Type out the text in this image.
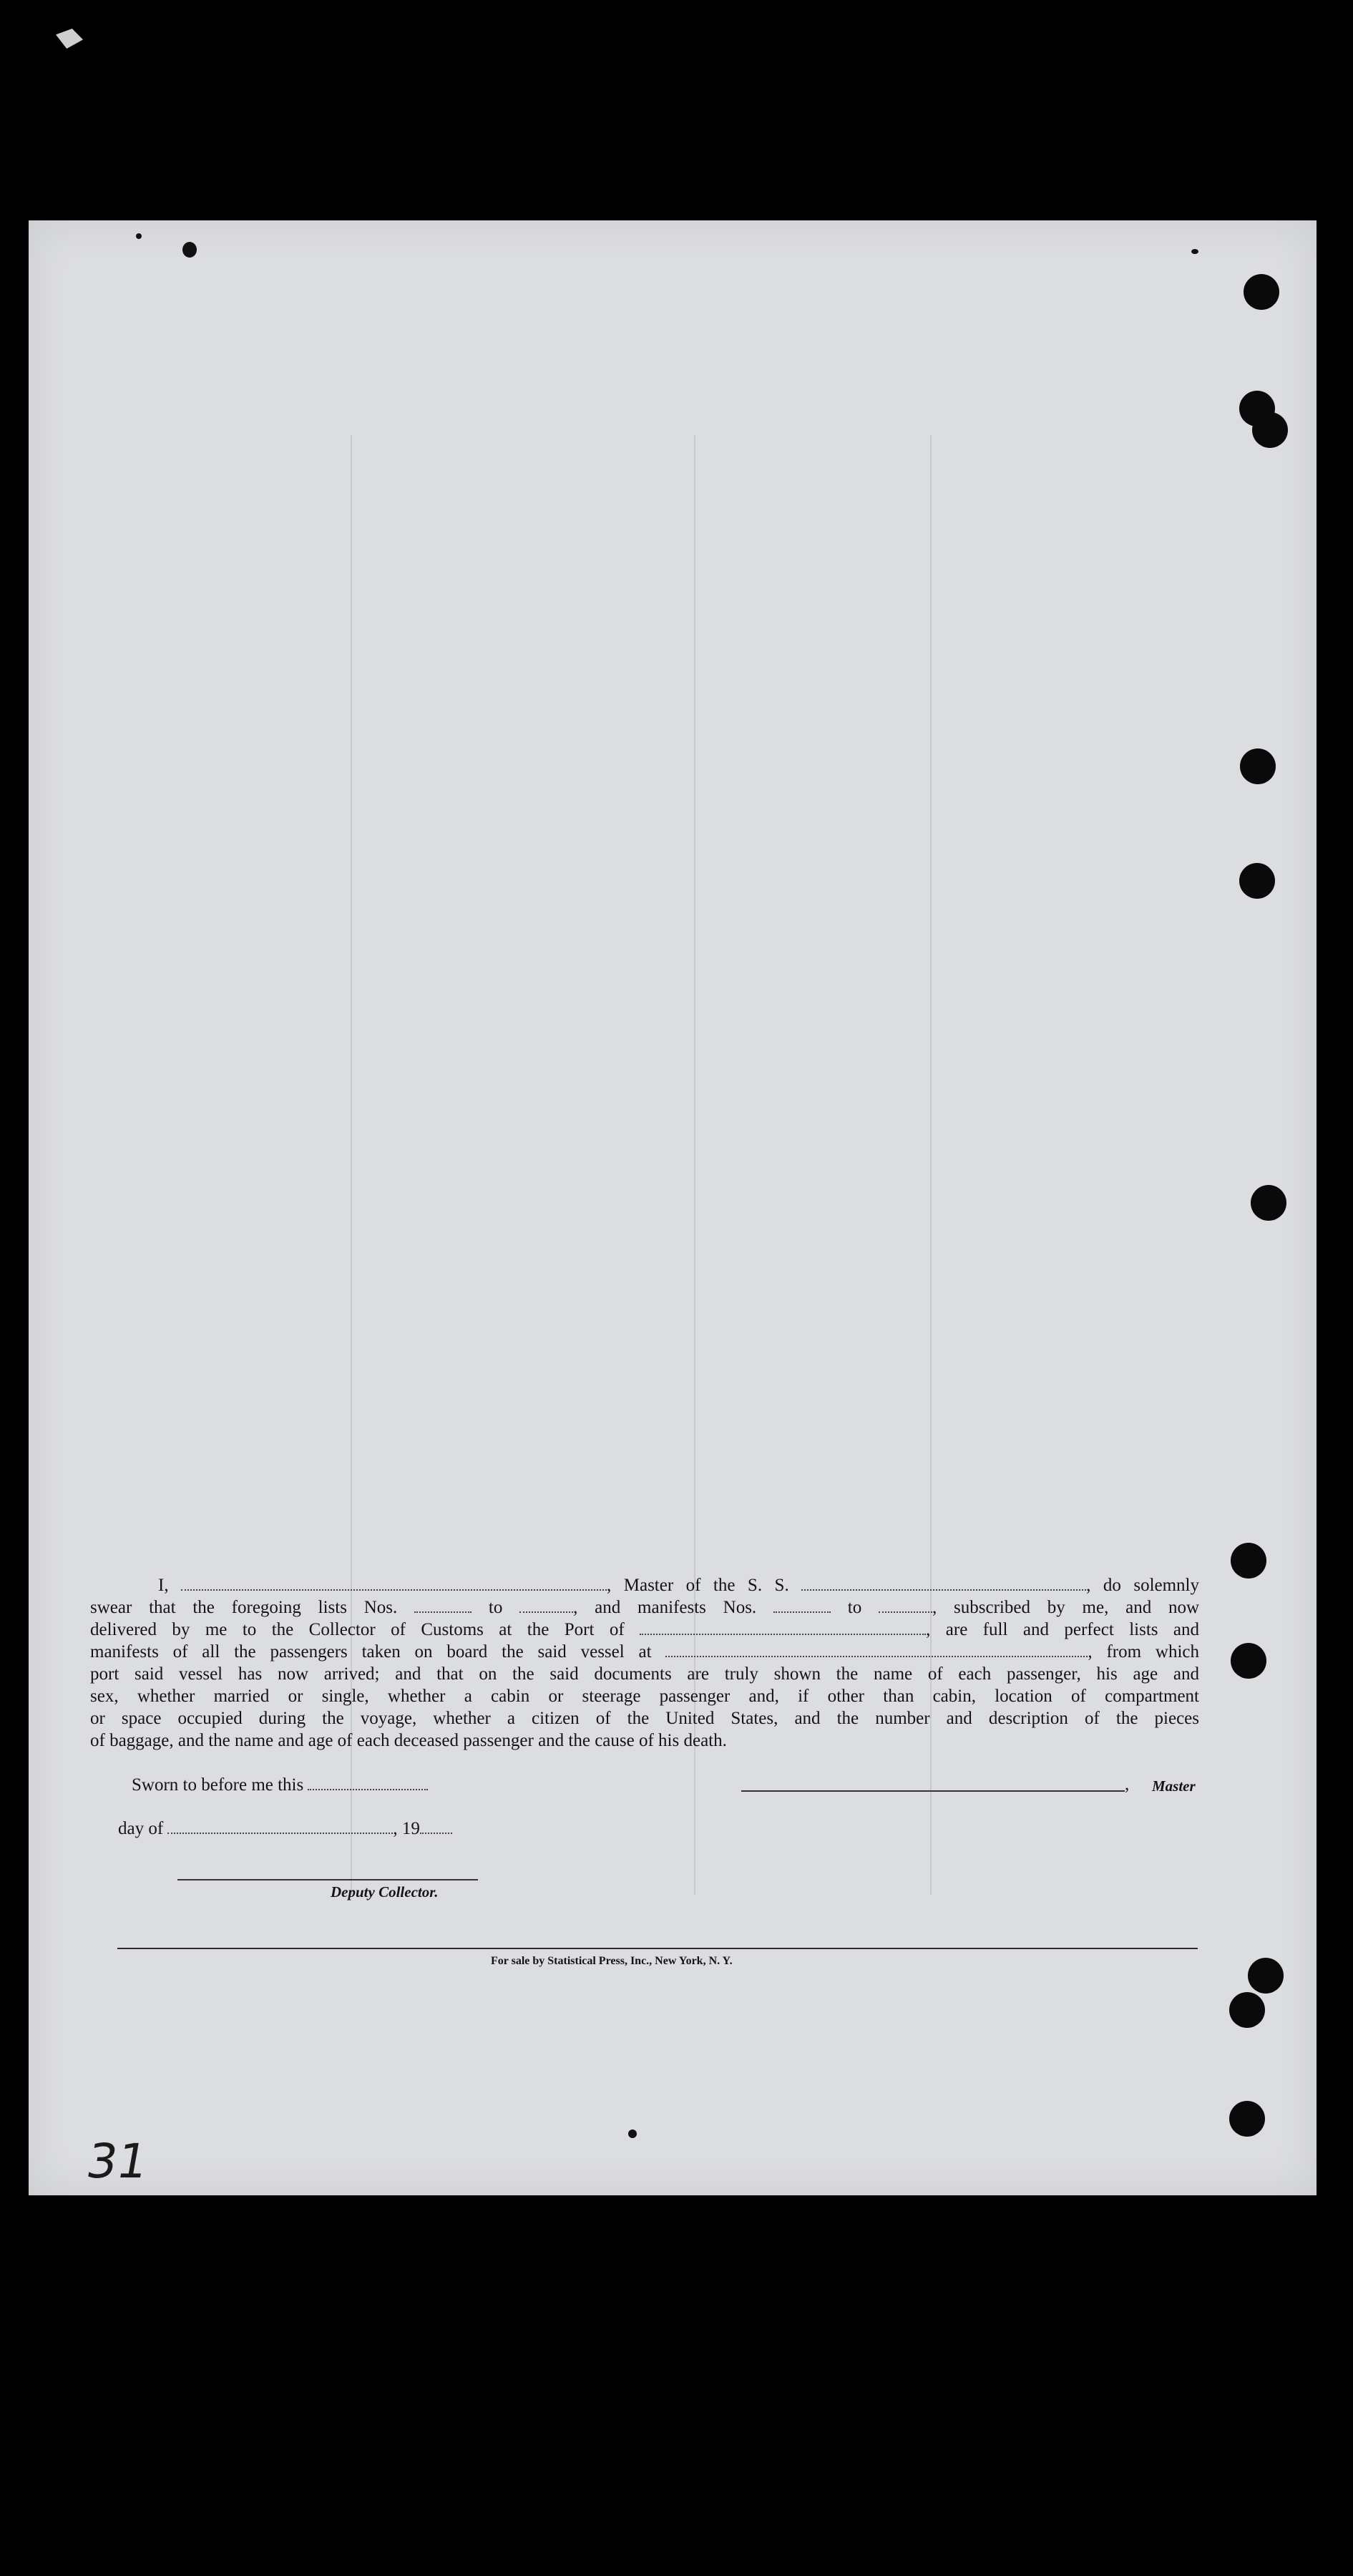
I,	, Master of the S. S.	, do solemnly
swear that the foregoing lists Nos.	to	, and manifests Nos.	to	, subscribed by me, and now
delivered by me to the Collector of Customs at the Port of	, are full and perfect lists and
manifests of all the passengers taken on board the said vessel at	, from which
port said vessel has now arrived; and that on the said documents are truly shown the name of each passenger, his age and
sex, whether married or single, whether a cabin or steerage passenger and, if other than cabin, location of compartment
or space occupied during the voyage, whether a citizen of the United States, and the number and description of the pieces
of baggage, and the name and age of each deceased passenger and the cause of his death.
Sworn to before me this	, Master
day of	, 19
Deputy Collector.
For sale by Statistical Press, Inc., New York, N. Y.
31
